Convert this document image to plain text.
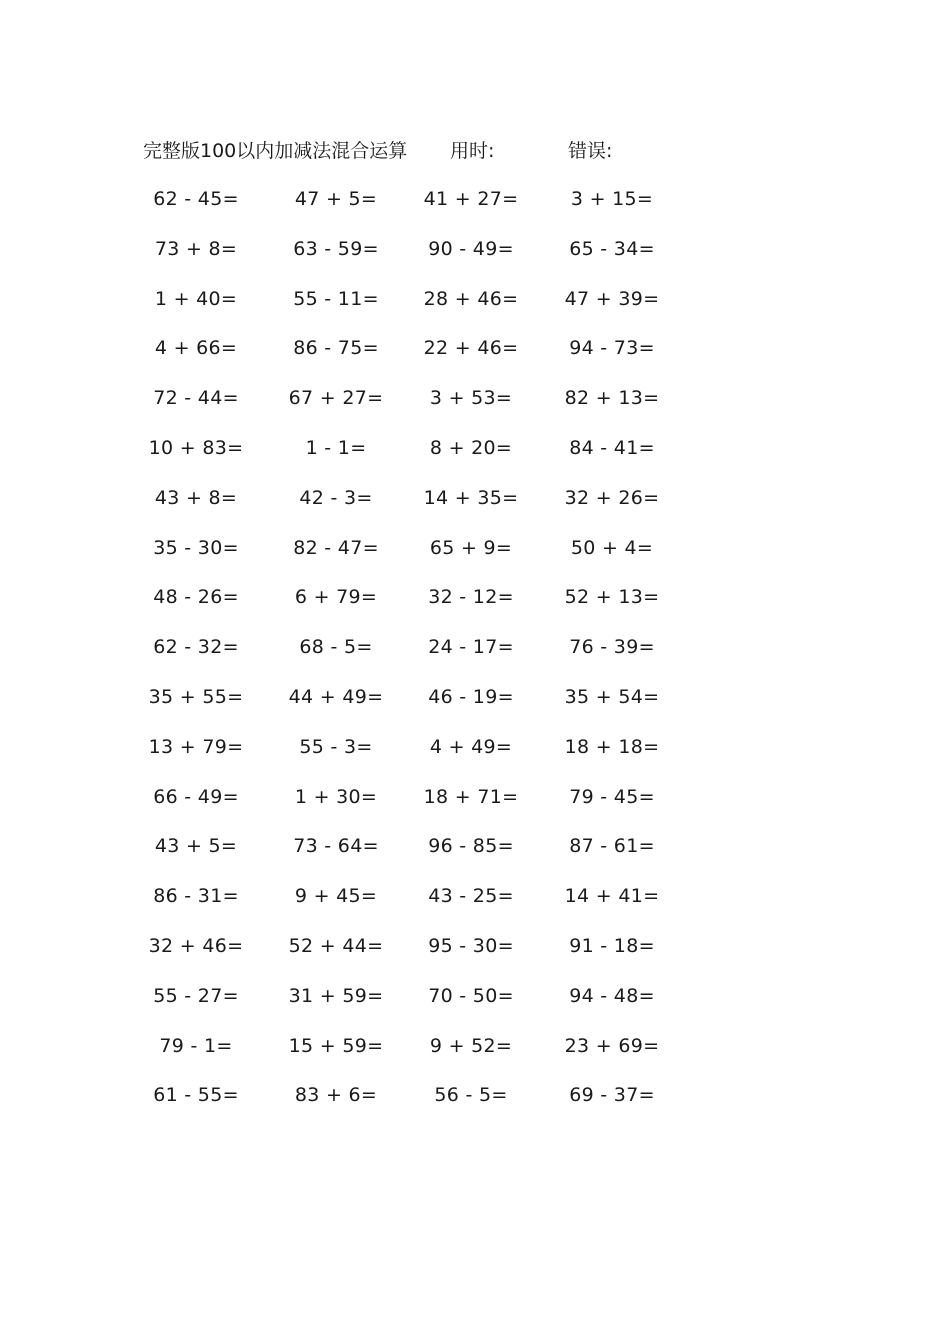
完整版100以内加减法混合运算 用时:	错误:
62 - 45=	47 + 5=	41 + 27=	3 + 15=
73 + 8=	63 - 59=	90 - 49=	65 - 34=
1 + 40=	55 - 11=	28 + 46=	47 + 39=
4 + 66=	86 - 75=	22 + 46=	94 - 73=
72 - 44=	67 + 27=	3 + 53=	82 + 13=
10 + 83=	1 - 1=	8 + 20=	84 - 41=
43 + 8=	42 - 3=	14 + 35=	32 + 26=
35 - 30=	82 - 47=	65 + 9=	50 + 4=
48 - 26=	6 + 79=	32 - 12=	52 + 13=
62 - 32=	68 - 5=	24 - 17=	76 - 39=
35 + 55=	44 + 49=	46 - 19=	35 + 54=
13 + 79=	55 - 3=	4 + 49=	18 + 18=
66 - 49=	1 + 30=	18 + 71=	79 - 45=
43 + 5=	73 - 64=	96 - 85=	87 - 61=
86 - 31=	9 + 45=	43 - 25=	14 + 41=
32 + 46=	52 + 44=	95 - 30=	91 - 18=
55 - 27=	31 + 59=	70 - 50=	94 - 48=
79 - 1=	15 + 59=	9 + 52=	23 + 69=
61 - 55=	83 + 6=	56 - 5=	69 - 37=
